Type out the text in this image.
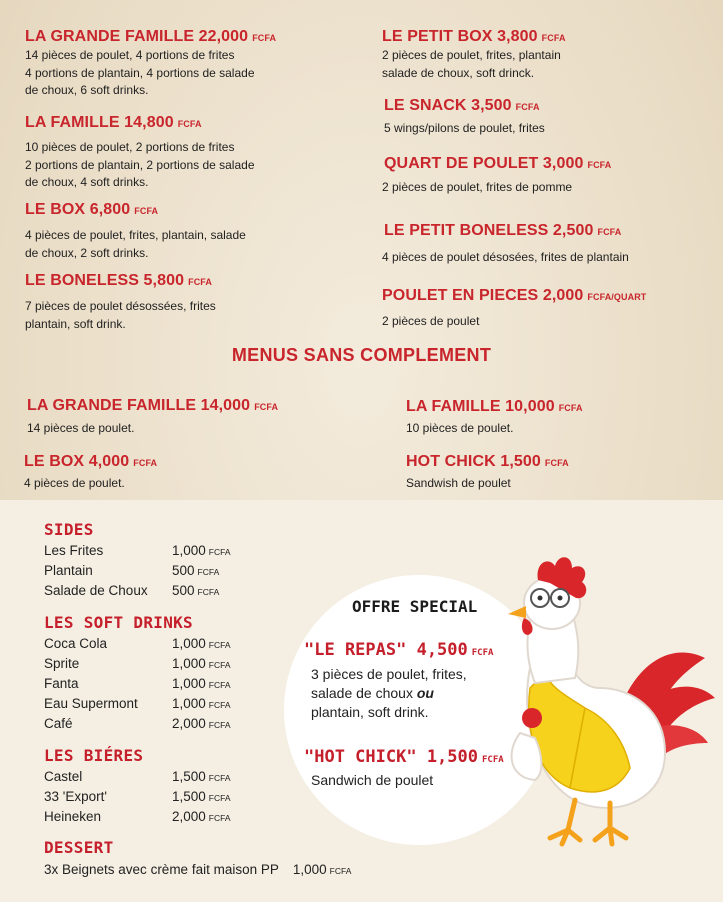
LA GRANDE FAMILLE 22,000 FCFA
14 pièces de poulet, 4 portions de frites
4 portions de plantain, 4 portions de salade
de choux, 6 soft drinks.
LA FAMILLE 14,800 FCFA
10 pièces de poulet, 2 portions de frites
2 portions de plantain, 2 portions de salade
de choux, 4 soft drinks.
LE BOX 6,800 FCFA
4 pièces de poulet, frites, plantain, salade
de choux, 2 soft drinks.
LE BONELESS 5,800 FCFA
7 pièces de poulet désossées, frites
plantain, soft drink.
LE PETIT BOX 3,800 FCFA
2 pièces de poulet, frites, plantain
salade de choux, soft drinck.
LE SNACK 3,500 FCFA
5 wings/pilons de poulet, frites
QUART DE POULET 3,000 FCFA
2 pièces de poulet, frites de pomme
LE PETIT BONELESS 2,500 FCFA
4 pièces de poulet désosées, frites de plantain
POULET EN PIECES 2,000 FCFA/QUART
2 pièces de poulet
MENUS SANS COMPLEMENT
LA GRANDE FAMILLE 14,000 FCFA
14 pièces de poulet.
LA FAMILLE 10,000 FCFA
10 pièces de poulet.
LE BOX 4,000 FCFA
4 pièces de poulet.
HOT CHICK 1,500 FCFA
Sandwish de poulet
SIDES
Les Frites	1,000 FCFA
Plantain	500 FCFA
Salade de Choux 500 FCFA
LES SOFT DRINKS
Coca Cola	1,000 FCFA
Sprite	1,000 FCFA
Fanta	1,000 FCFA
Eau Supermont	1,000 FCFA
Café	2,000 FCFA
LES BIÉRES
Castel	1,500 FCFA
33 'Export'	1,500 FCFA
Heineken	2,000 FCFA
DESSERT
3x Beignets avec crème fait maison PP 1,000 FCFA
OFFRE SPECIAL
"LE REPAS" 4,500 FCFA
3 pièces de poulet, frites,
salade de choux ou
plantain, soft drink.
"HOT CHICK" 1,500 FCFA
Sandwich de poulet
